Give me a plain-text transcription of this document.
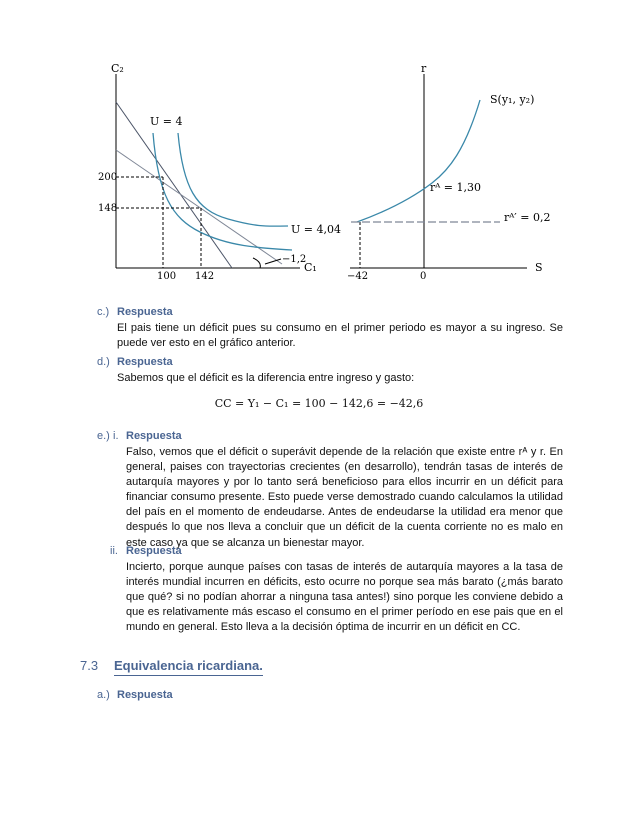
C₂
C₁
200
148
100 142
U = 4
U = 4,04
−1,2
r
S
S(y₁, y₂)
rᴬ = 1,30
rᴬ′ = 0,2
−42	0
c.) Respuesta
El pais tiene un déficit pues su consumo en el primer periodo es mayor a su ingreso. Se puede ver esto en el gráfico anterior.
d.) Respuesta
Sabemos que el déficit es la diferencia entre ingreso y gasto:
CC = Y₁ − C₁ = 100 − 142,6 = −42,6
e.) i. Respuesta
Falso, vemos que el déficit o superávit depende de la relación que existe entre rᴬ y r. En general, paises con trayectorias crecientes (en desarrollo), tendrán tasas de interés de autarquía mayores y por lo tanto será beneficioso para ellos incurrir en un déficit para financiar consumo presente. Esto puede verse demostrado cuando calculamos la utilidad del país en el momento de endeudarse. Antes de endeudarse la utilidad era menor que después lo que nos lleva a concluir que un déficit de la cuenta corriente no es malo en este caso ya que se alcanza un bienestar mayor.
ii. Respuesta
Incierto, porque aunque países con tasas de interés de autarquía mayores a la tasa de interés mundial incurren en déficits, esto ocurre no porque sea más barato (¿más barato que qué? si no podían ahorrar a ninguna tasa antes!) sino porque les conviene debido a que es relativamente más escaso el consumo en el primer período en ese pais que en el mundo en general. Esto lleva a la decisión óptima de incurrir en un déficit en CC.
7.3 Equivalencia ricardiana.
a.) Respuesta
